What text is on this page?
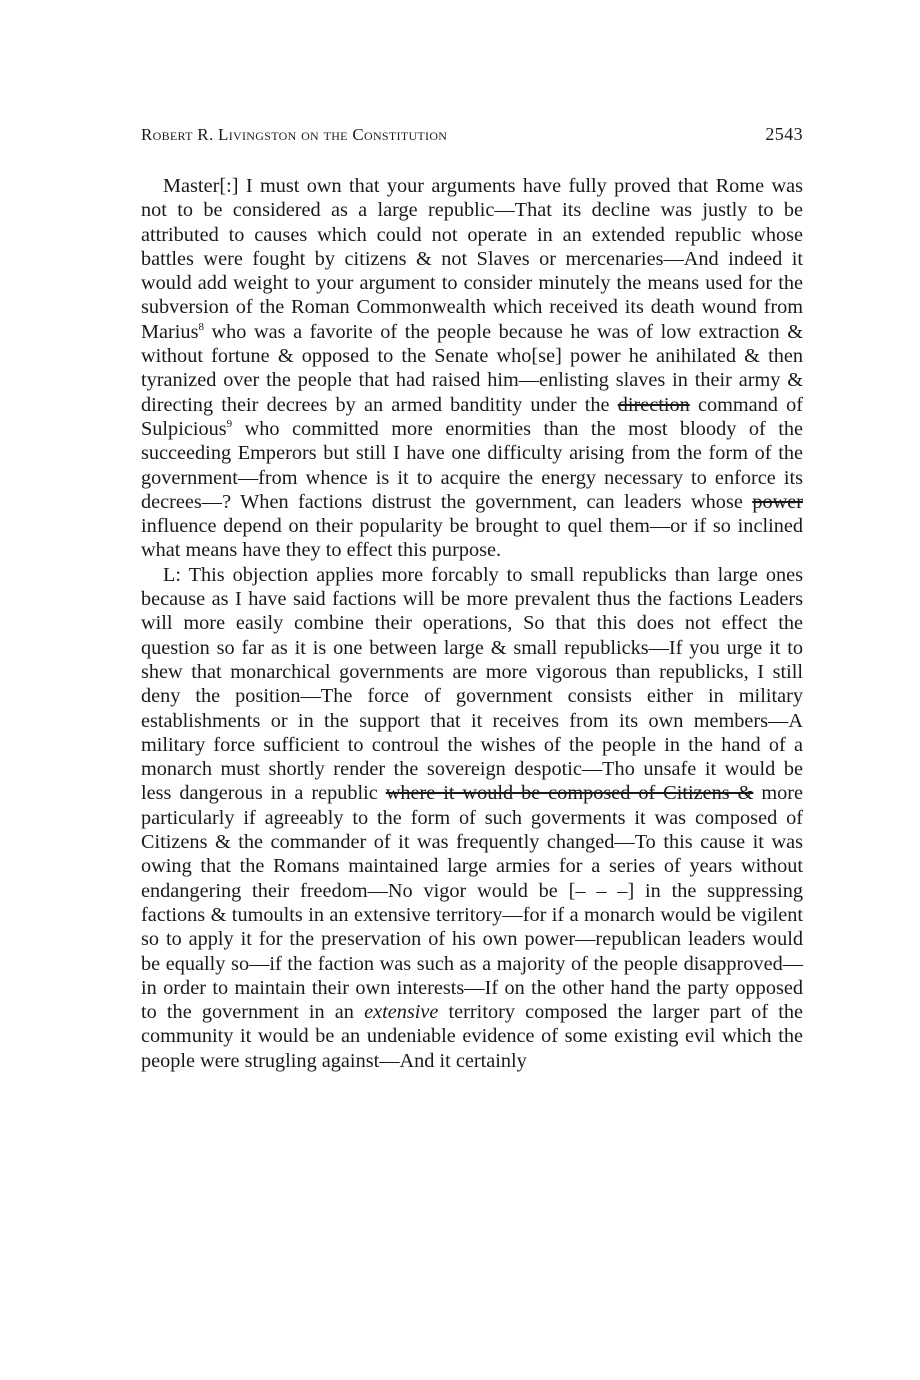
Robert R. Livingston on the Constitution	2543

Master[:] I must own that your arguments have fully proved that Rome was not to be considered as a large republic—That its decline was justly to be attributed to causes which could not operate in an extended republic whose battles were fought by citizens & not Slaves or mercenaries—And indeed it would add weight to your argument to consider minutely the means used for the subversion of the Roman Commonwealth which received its death wound from Marius$^8$ who was a favorite of the people because he was of low extraction & without fortune & opposed to the Senate who[se] power he anihilated & then tyranized over the people that had raised him—enlisting slaves in their army & directing their decrees by an armed banditity under the direction command of Sulpicious$^9$ who committed more enormities than the most bloody of the succeeding Emperors but still I have one difficulty arising from the form of the government—from whence is it to acquire the energy necessary to enforce its decrees—? When factions distrust the government, can leaders whose power influence depend on their popularity be brought to quel them—or if so inclined what means have they to effect this purpose.

L: This objection applies more forcably to small republicks than large ones because as I have said factions will be more prevalent thus the factions Leaders will more easily combine their operations, So that this does not effect the question so far as it is one between large & small republicks—If you urge it to shew that monarchical governments are more vigorous than republicks, I still deny the position—The force of government consists either in military establishments or in the support that it receives from its own members—A military force sufficient to controul the wishes of the people in the hand of a monarch must shortly render the sovereign despotic—Tho unsafe it would be less dangerous in a republic where it would be composed of Citizens & more particularly if agreeably to the form of such goverments it was composed of Citizens & the commander of it was frequently changed—To this cause it was owing that the Romans maintained large armies for a series of years without endangering their freedom—No vigor would be [– – –] in the suppressing factions & tumoults in an extensive territory—for if a monarch would be vigilent so to apply it for the preservation of his own power—republican leaders would be equally so—if the faction was such as a majority of the people disapproved—in order to maintain their own interests—If on the other hand the party opposed to the government in an extensive territory composed the larger part of the community it would be an undeniable evidence of some existing evil which the people were strugling against—And it certainly
